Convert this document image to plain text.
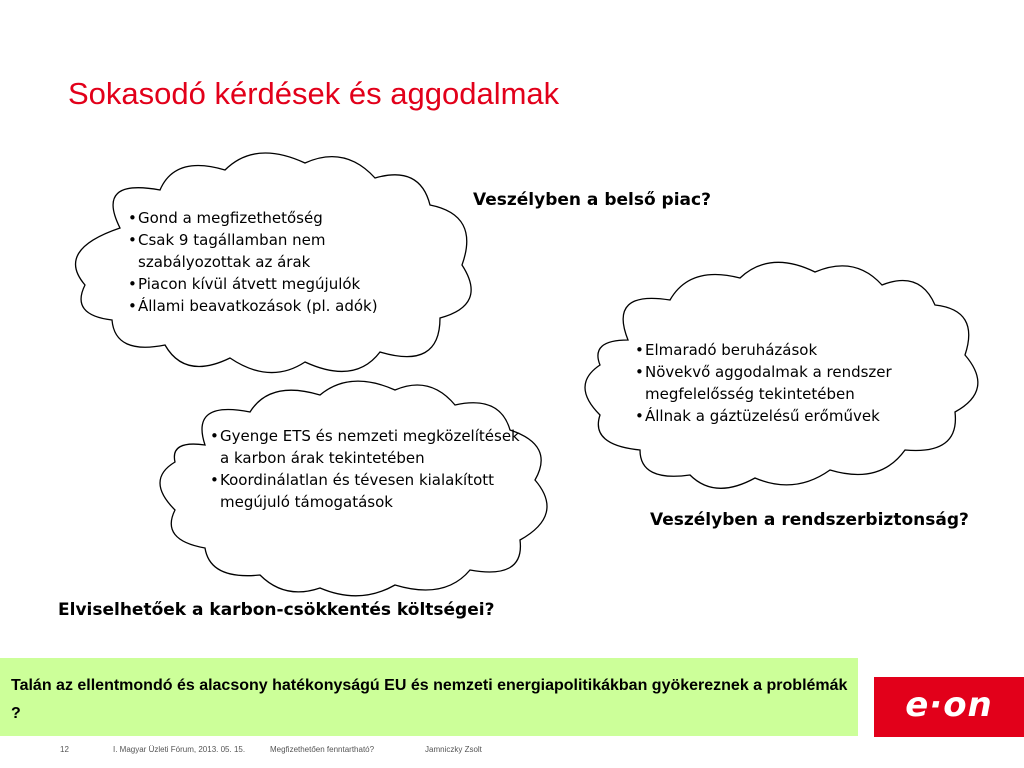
Sokasodó kérdések és aggodalmak
• Gond a megfizethetőség
• Csak 9 tagállamban nem szabályozottak az árak
• Piacon kívül átvett megújulók
• Állami beavatkozások (pl. adók)
• Elmaradó beruházások
• Növekvő aggodalmak a rendszer megfelelősség tekintetében
• Állnak a gáztüzelésű erőművek
• Gyenge ETS és nemzeti megközelítések a karbon árak tekintetében
• Koordinálatlan és tévesen kialakított megújuló támogatások
Veszélyben a belső piac?
Veszélyben a rendszerbiztonság?
Elviselhetőek a karbon-csökkentés költségei?
Talán az ellentmondó és alacsony hatékonyságú EU és nemzeti energiapolitikákban gyökereznek a problémák ?	e·on
12	I. Magyar Üzleti Fórum, 2013. 05. 15.	Megfizethetően fenntartható?	Jamniczky Zsolt
